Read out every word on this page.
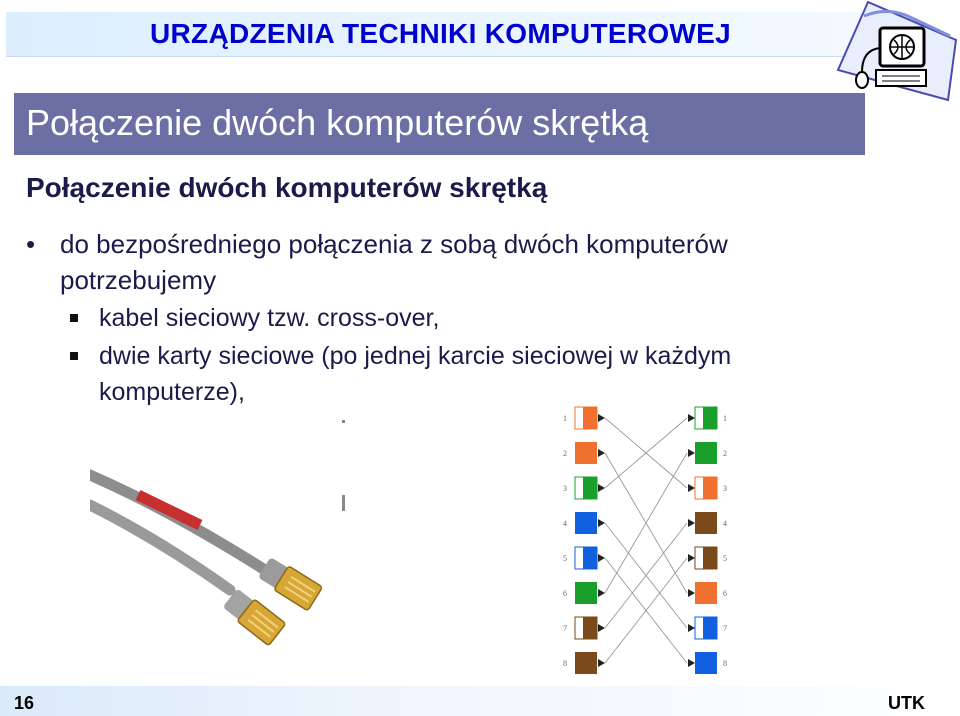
URZĄDZENIA TECHNIKI KOMPUTEROWEJ
Połączenie dwóch komputerów skrętką
Połączenie dwóch komputerów skrętką
• do bezpośredniego połączenia z sobą dwóch komputerów potrzebujemy
kabel sieciowy tzw. cross-over,
dwie karty sieciowe (po jednej karcie sieciowej w każdym komputerze),
1
2
3
4
5
6
7
8
1
2
3
4
5
6
7
8
16	UTK
